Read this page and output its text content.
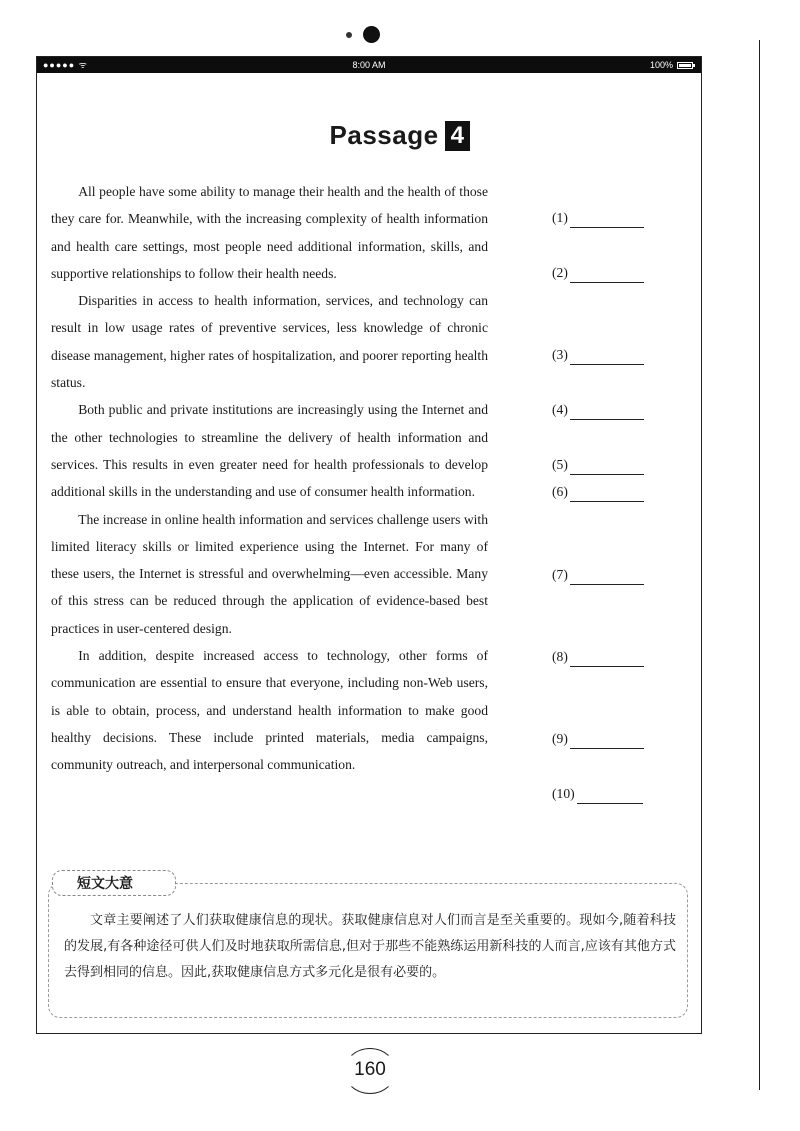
●●●●● ᯤ	8:00 AM	100%
Passage 4

All people have some ability to manage their health and the health of those they care for. Meanwhile, with the increasing complexity of health information and health care settings, most people need additional information, skills, and supportive relationships to follow their health needs.

Disparities in access to health information, services, and technology can result in low usage rates of preventive services, less knowledge of chronic disease management, higher rates of hospitalization, and poorer reporting health status.

Both public and private institutions are increasingly using the Internet and the other technologies to streamline the delivery of health information and services. This results in even greater need for health professionals to develop additional skills in the understanding and use of consumer health information.

The increase in online health information and services challenge users with limited literacy skills or limited experience using the Internet. For many of these users, the Internet is stressful and overwhelming—even accessible. Many of this stress can be reduced through the application of evidence-based best practices in user-centered design.

In addition, despite increased access to technology, other forms of communication are essential to ensure that everyone, including non-Web users, is able to obtain, process, and understand health information to make good healthy decisions. These include printed materials, media campaigns, community outreach, and interpersonal communication.

(1)
(2)
(3)
(4)
(5)
(6)
(7)
(8)
(9)
(10)
短文大意
文章主要阐述了人们获取健康信息的现状。获取健康信息对人们而言是至关重要的。现如今,随着科技的发展,有各种途径可供人们及时地获取所需信息,但对于那些不能熟练运用新科技的人而言,应该有其他方式去得到相同的信息。因此,获取健康信息方式多元化是很有必要的。
160
